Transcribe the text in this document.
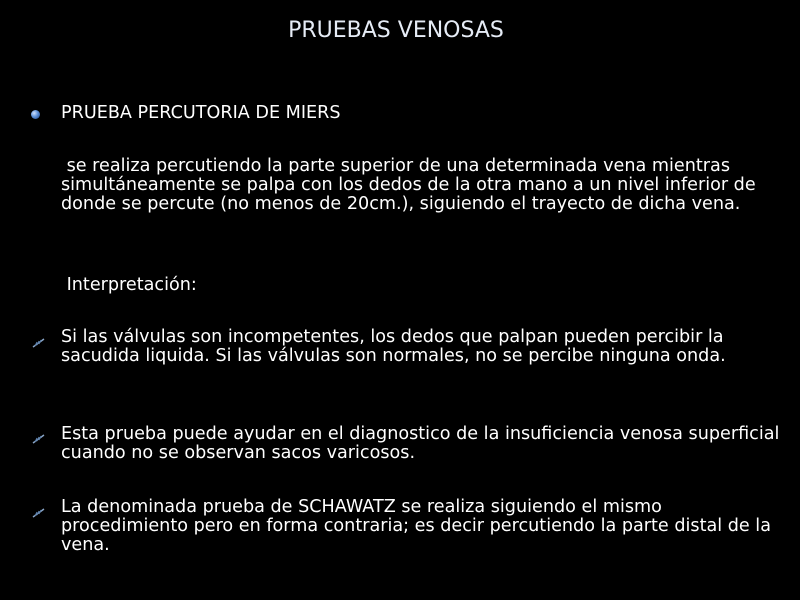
PRUEBAS VENOSAS

PRUEBA PERCUTORIA DE MIERS

se realiza percutiendo la parte superior de una determinada vena mientras simultáneamente se palpa con los dedos de la otra mano a un nivel inferior de donde se percute (no menos de 20cm.), siguiendo el trayecto de dicha vena.

Interpretación:

Si las válvulas son incompetentes, los dedos que palpan pueden percibir la sacudida liquida. Si las válvulas son normales, no se percibe ninguna onda.

Esta prueba puede ayudar en el diagnostico de la insuficiencia venosa superficial cuando no se observan sacos varicosos.

La denominada prueba de SCHAWATZ se realiza siguiendo el mismo procedimiento pero en forma contraria; es decir percutiendo la parte distal de la vena.
